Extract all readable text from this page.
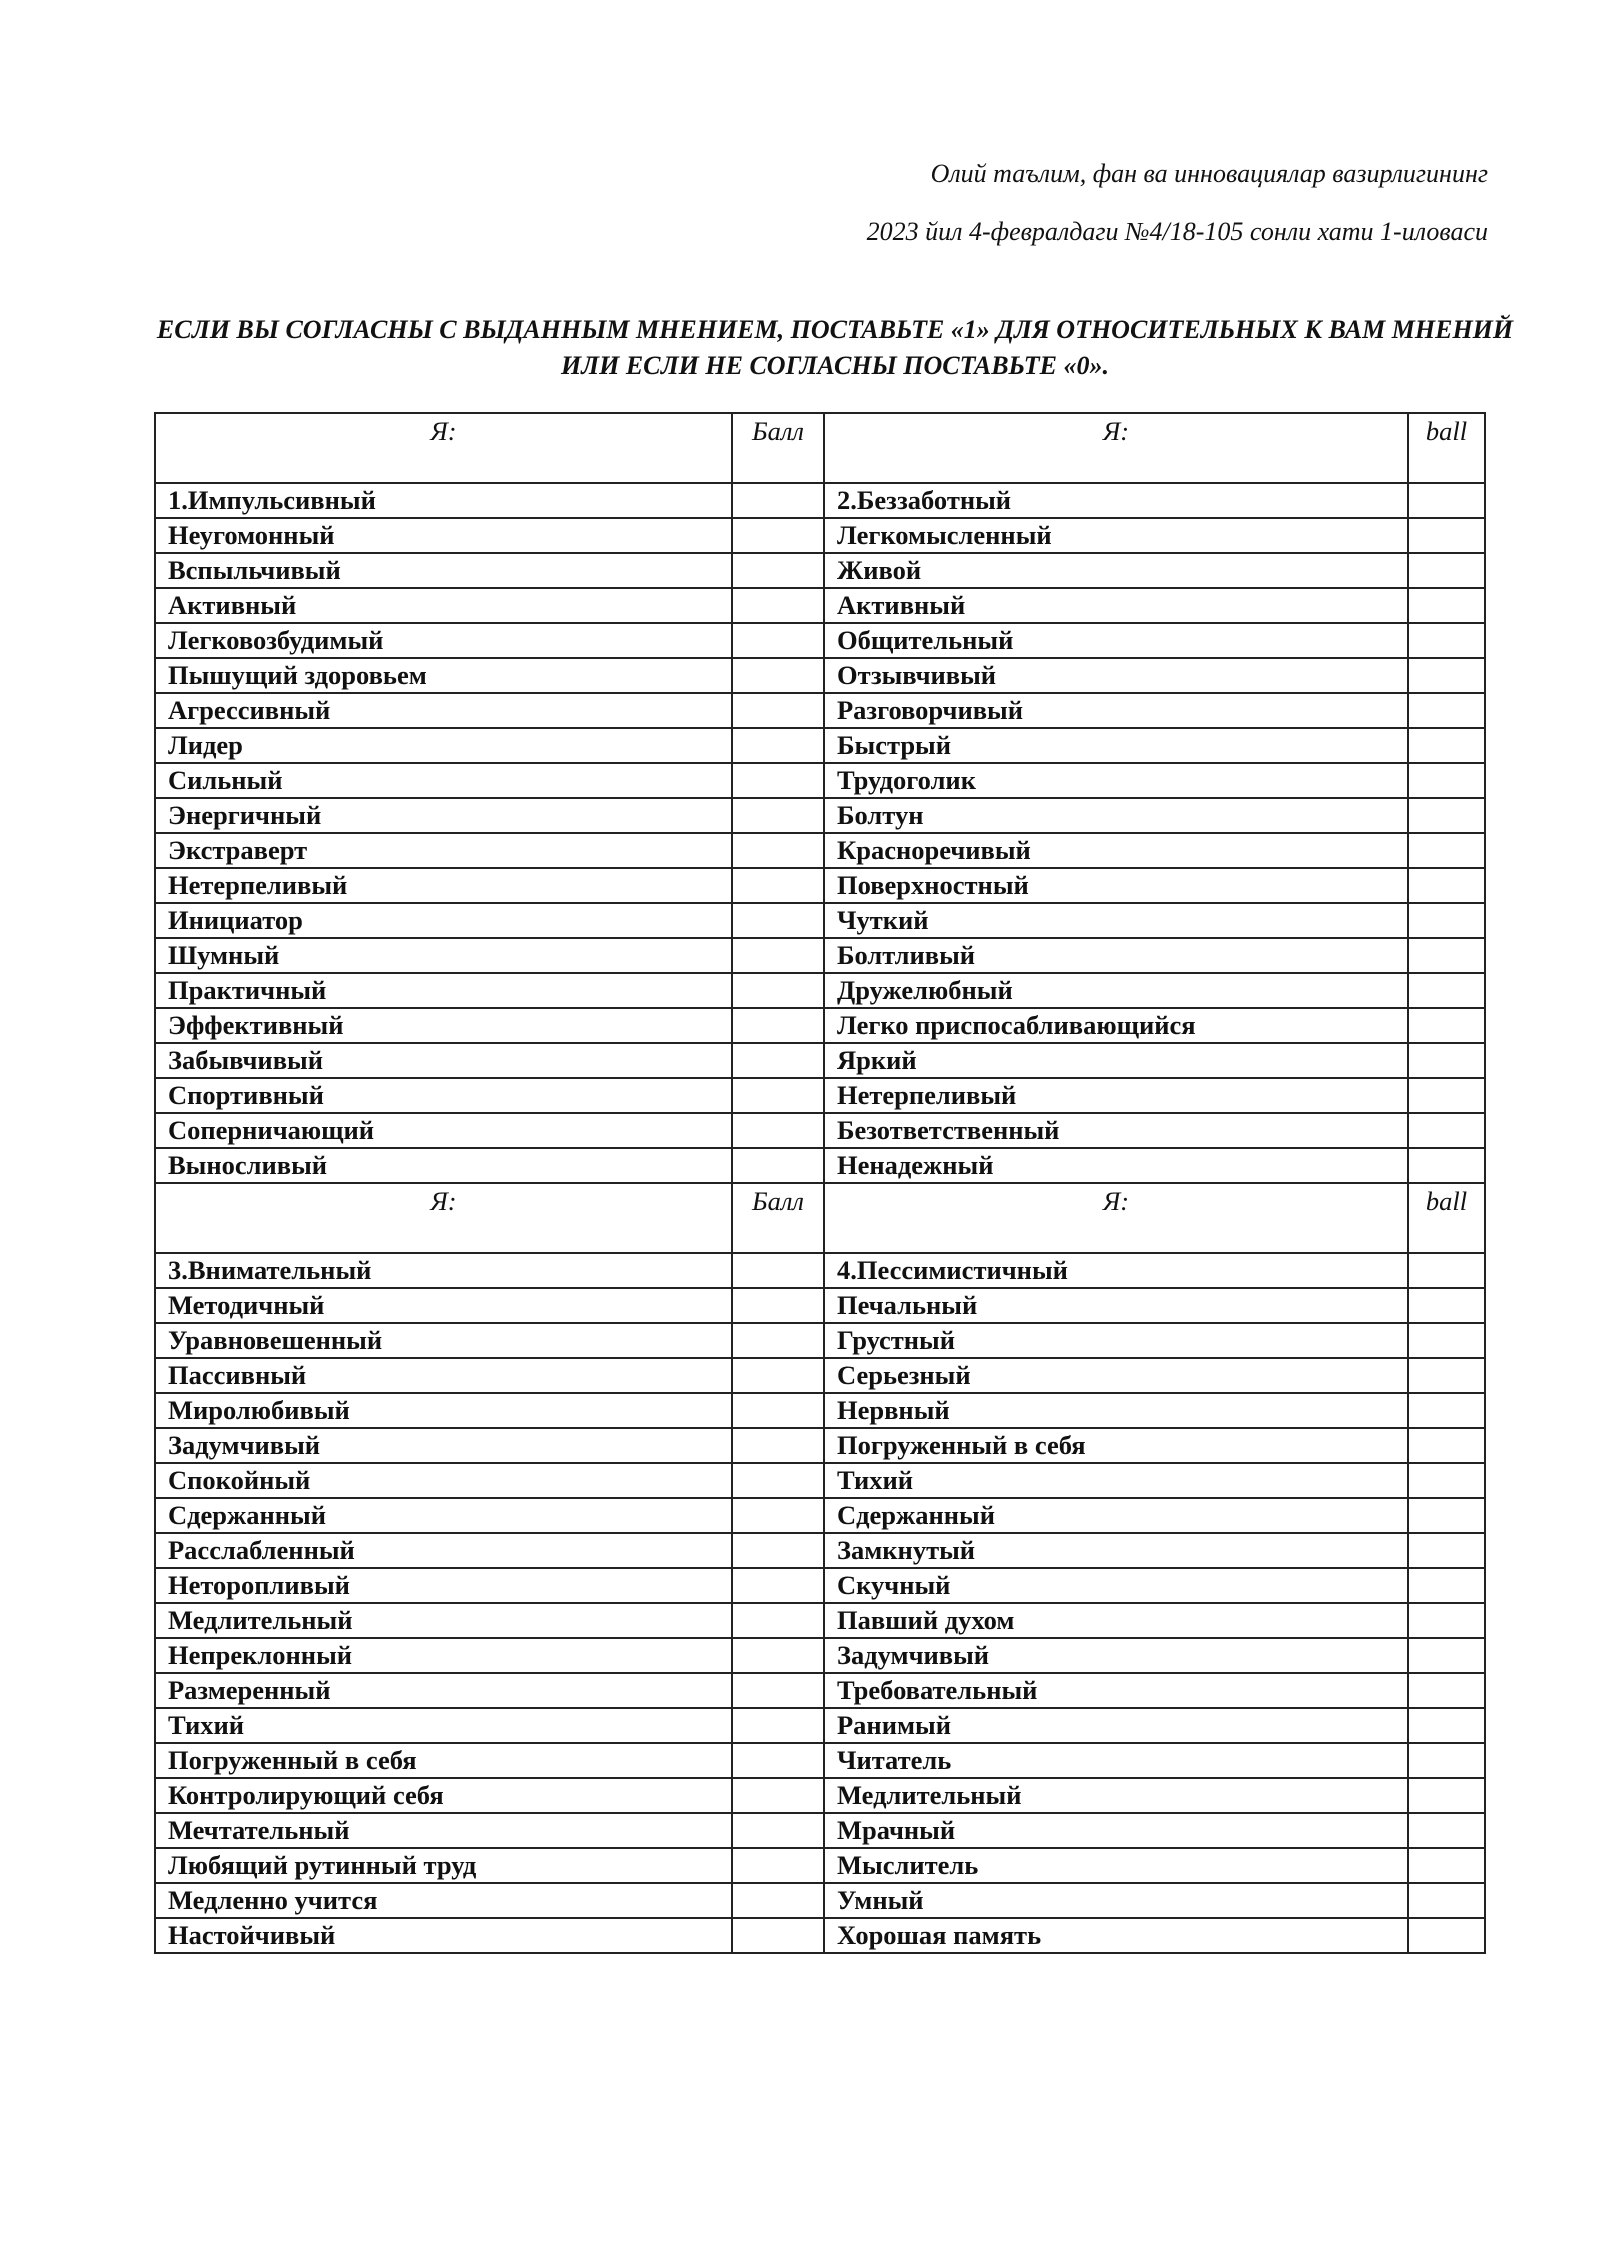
Олий таълим, фан ва инновациялар вазирлигининг
2023 йил 4-февралдаги №4/18-105 сонли хати 1-иловаси
ЕСЛИ ВЫ СОГЛАСНЫ С ВЫДАННЫМ МНЕНИЕМ, ПОСТАВЬТЕ «1» ДЛЯ ОТНОСИТЕЛЬНЫХ К ВАМ МНЕНИЙ ИЛИ ЕСЛИ НЕ СОГЛАСНЫ ПОСТАВЬТЕ «0».
Я:	Балл	Я:	ball
1.Импульсивный		2.Беззаботный	
Неугомонный		Легкомысленный	
Вспыльчивый		Живой	
Активный		Активный	
Легковозбудимый		Общительный	
Пышущий здоровьем		Отзывчивый	
Агрессивный		Разговорчивый	
Лидер		Быстрый	
Сильный		Трудоголик	
Энергичный		Болтун	
Экстраверт		Красноречивый	
Нетерпеливый		Поверхностный	
Инициатор		Чуткий	
Шумный		Болтливый	
Практичный		Дружелюбный	
Эффективный		Легко приспосабливающийся	
Забывчивый		Яркий	
Спортивный		Нетерпеливый	
Соперничающий		Безответственный	
Выносливый		Ненадежный	
Я:	Балл	Я:	ball
3.Внимательный		4.Пессимистичный	
Методичный		Печальный	
Уравновешенный		Грустный	
Пассивный		Серьезный	
Миролюбивый		Нервный	
Задумчивый		Погруженный в себя	
Спокойный		Тихий	
Сдержанный		Сдержанный	
Расслабленный		Замкнутый	
Неторопливый		Скучный	
Медлительный		Павший духом	
Непреклонный		Задумчивый	
Размеренный		Требовательный	
Тихий		Ранимый	
Погруженный в себя		Читатель	
Контролирующий себя		Медлительный	
Мечтательный		Мрачный	
Любящий рутинный труд		Мыслитель	
Медленно учится		Умный	
Настойчивый		Хорошая память	
